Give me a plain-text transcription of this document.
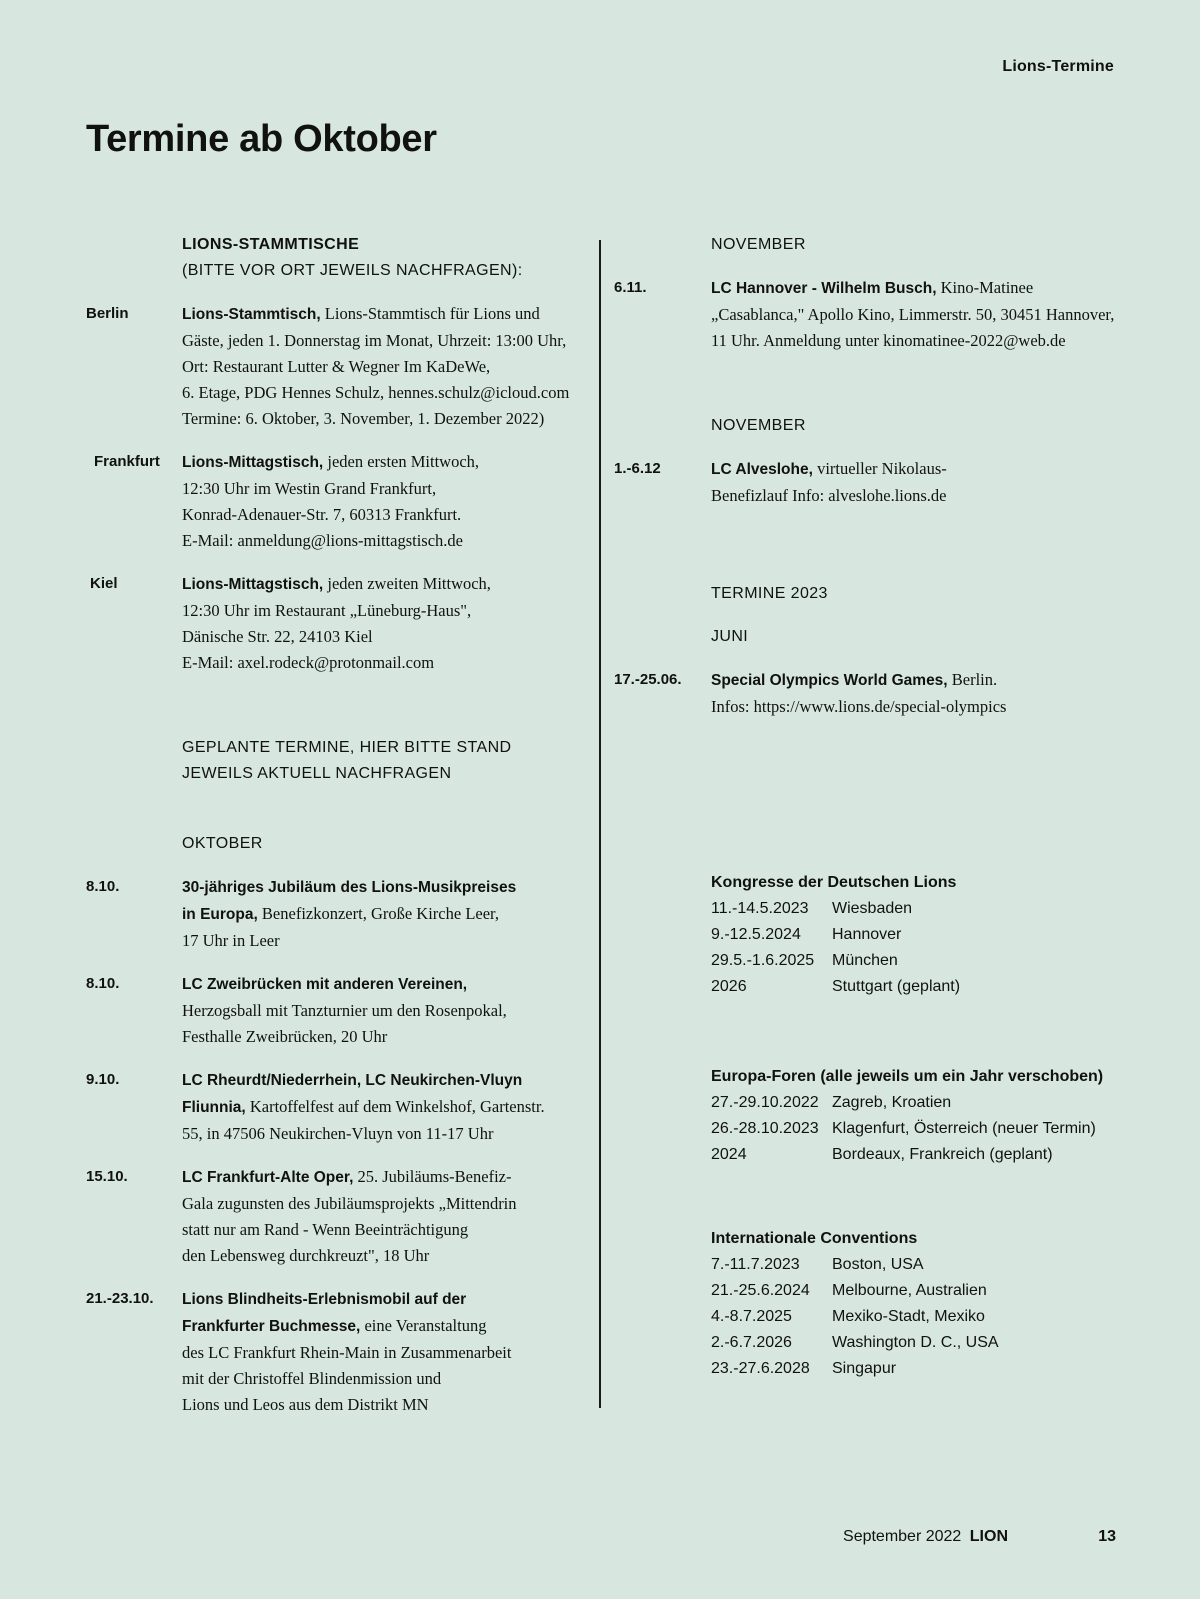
Lions-Termine
Termine ab Oktober
LIONS-STAMMTISCHE
(BITTE VOR ORT JEWEILS NACHFRAGEN):
Berlin	Lions-Stammtisch, Lions-Stammtisch für Lions und
Gäste, jeden 1. Donnerstag im Monat, Uhrzeit: 13:00 Uhr,
Ort: Restaurant Lutter & Wegner Im KaDeWe,
6. Etage, PDG Hennes Schulz, hennes.schulz@icloud.com
Termine: 6. Oktober, 3. November, 1. Dezember 2022)
Frankfurt	Lions-Mittagstisch, jeden ersten Mittwoch,
12:30 Uhr im Westin Grand Frankfurt,
Konrad-Adenauer-Str. 7, 60313 Frankfurt.
E-Mail: anmeldung@lions-mittagstisch.de
Kiel	Lions-Mittagstisch, jeden zweiten Mittwoch,
12:30 Uhr im Restaurant „Lüneburg-Haus",
Dänische Str. 22, 24103 Kiel
E-Mail: axel.rodeck@protonmail.com
GEPLANTE TERMINE, HIER BITTE STAND
JEWEILS AKTUELL NACHFRAGEN
OKTOBER
8.10.	30-jähriges Jubiläum des Lions-Musikpreises
in Europa, Benefizkonzert, Große Kirche Leer,
17 Uhr in Leer
8.10.	LC Zweibrücken mit anderen Vereinen,
Herzogsball mit Tanzturnier um den Rosenpokal,
Festhalle Zweibrücken, 20 Uhr
9.10.	LC Rheurdt/Niederrhein, LC Neukirchen-Vluyn
Fliunnia, Kartoffelfest auf dem Winkelshof, Gartenstr.
55, in 47506 Neukirchen-Vluyn von 11-17 Uhr
15.10.	LC Frankfurt-Alte Oper, 25. Jubiläums-Benefiz-
Gala zugunsten des Jubiläumsprojekts „Mittendrin
statt nur am Rand - Wenn Beeinträchtigung
den Lebensweg durchkreuzt", 18 Uhr
21.-23.10.	Lions Blindheits-Erlebnismobil auf der
Frankfurter Buchmesse, eine Veranstaltung
des LC Frankfurt Rhein-Main in Zusammenarbeit
mit der Christoffel Blindenmission und
Lions und Leos aus dem Distrikt MN
NOVEMBER
6.11.	LC Hannover - Wilhelm Busch, Kino-Matinee
„Casablanca," Apollo Kino, Limmerstr. 50, 30451 Hannover,
11 Uhr. Anmeldung unter kinomatinee-2022@web.de
NOVEMBER
1.-6.12	LC Alveslohe, virtueller Nikolaus-
Benefizlauf Info: alveslohe.lions.de
TERMINE 2023
JUNI
17.-25.06.	Special Olympics World Games, Berlin.
Infos: https://www.lions.de/special-olympics
Kongresse der Deutschen Lions
11.-14.5.2023	Wiesbaden
9.-12.5.2024	Hannover
29.5.-1.6.2025	München
2026	Stuttgart (geplant)
Europa-Foren (alle jeweils um ein Jahr verschoben)
27.-29.10.2022 Zagreb, Kroatien
26.-28.10.2023 Klagenfurt, Österreich (neuer Termin)
2024	Bordeaux, Frankreich (geplant)
Internationale Conventions
7.-11.7.2023	Boston, USA
21.-25.6.2024	Melbourne, Australien
4.-8.7.2025	Mexiko-Stadt, Mexiko
2.-6.7.2026	Washington D. C., USA
23.-27.6.2028	Singapur
September 2022 LION	13
